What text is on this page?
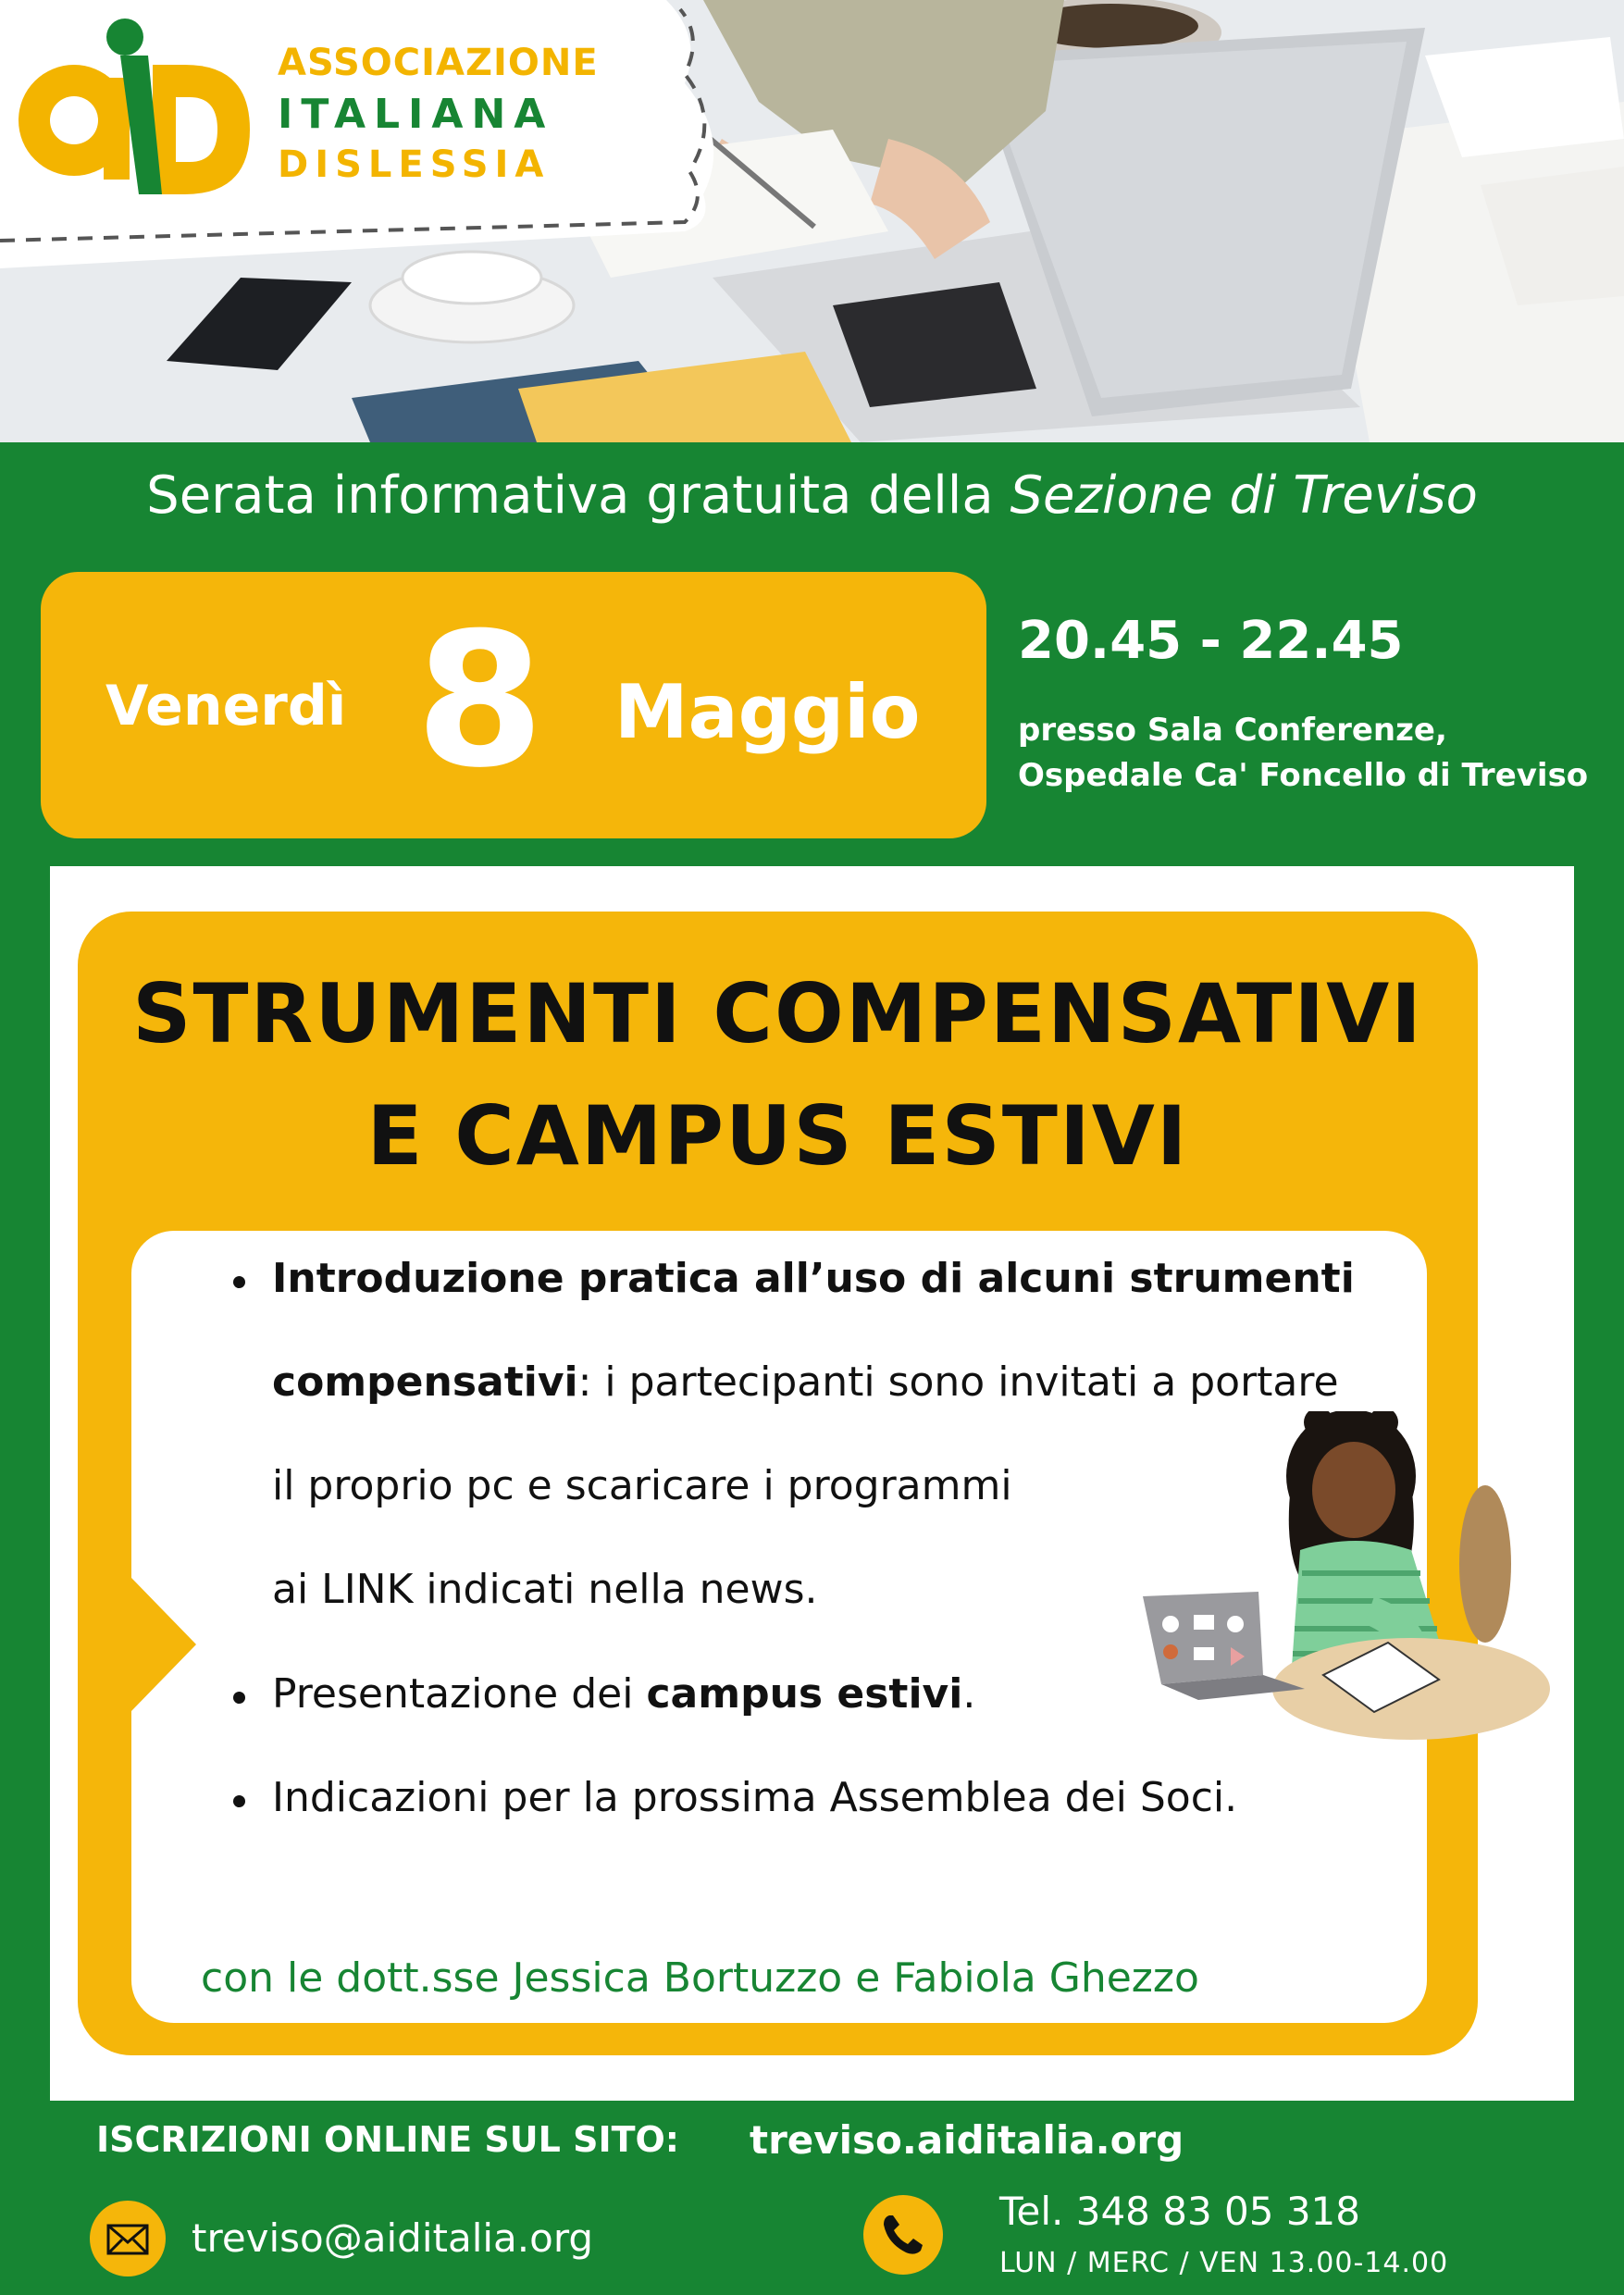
ASSOCIAZIONE
ITALIANA
DISLESSIA
Serata informativa gratuita della Sezione di Treviso
Venerdì 8 Maggio
20.45 - 22.45
presso Sala Conferenze,
Ospedale Ca' Foncello di Treviso
STRUMENTI COMPENSATIVI
E CAMPUS ESTIVI
Introduzione pratica all’uso di alcuni strumenti
compensativi: i partecipanti sono invitati a portare
il proprio pc e scaricare i programmi
ai LINK indicati nella news.
Presentazione dei campus estivi.
Indicazioni per la prossima Assemblea dei Soci.
con le dott.sse Jessica Bortuzzo e Fabiola Ghezzo
ISCRIZIONI ONLINE SUL SITO: treviso.aiditalia.org
treviso@aiditalia.org
Tel. 348 83 05 318
LUN / MERC / VEN 13.00-14.00
